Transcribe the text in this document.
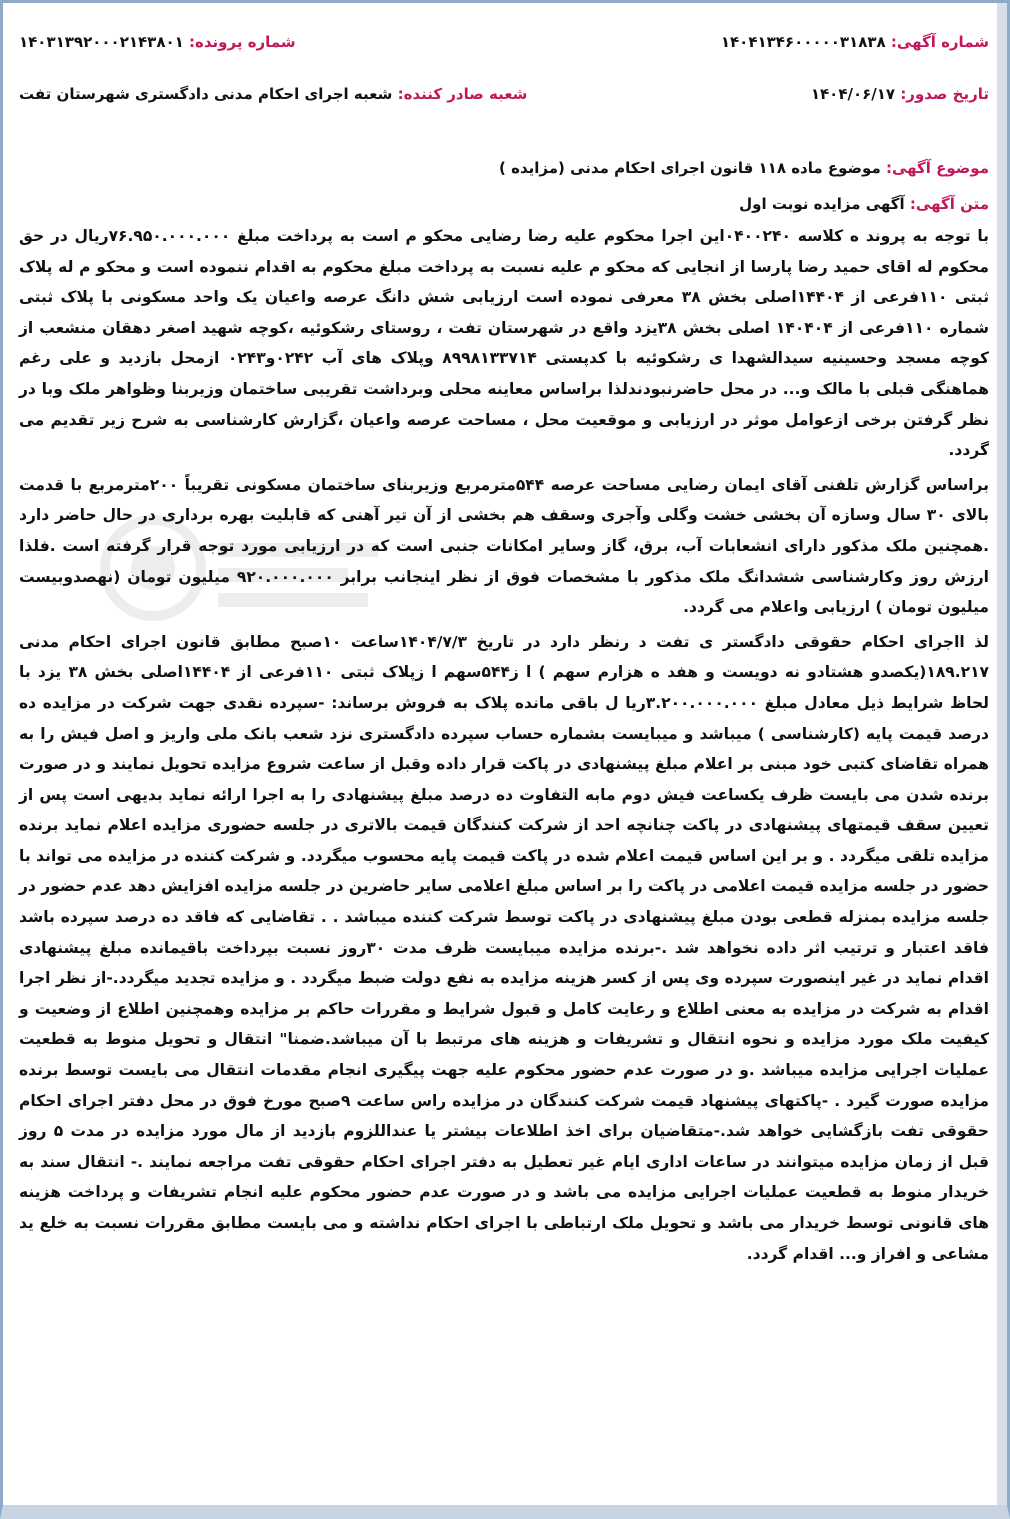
شماره آگهی: ۱۴۰۴۱۳۴۶۰۰۰۰۰۳۱۸۳۸
شماره پرونده: ۱۴۰۳۱۳۹۲۰۰۰۲۱۴۳۸۰۱
تاریخ صدور: ۱۴۰۴/۰۶/۱۷
شعبه صادر کننده: شعبه اجرای احکام مدنی دادگستری شهرستان تفت
موضوع آگهی: موضوع ماده ۱۱۸ قانون اجرای احکام مدنی (مزایده )
متن آگهی: آگهی مزایده نوبت اول

با توجه به پروند ه کلاسه ۰۴۰۰۲۴۰این اجرا محکوم علیه رضا رضایی محکو م است به پرداخت مبلغ ۷۶.۹۵۰.۰۰۰.۰۰۰ریال در حق محکوم له اقای حمید رضا پارسا از انجایی که محکو م علیه نسبت به پرداخت مبلغ محکوم به اقدام ننموده است و محکو م له پلاک ثبتی ۱۱۰فرعی از ۱۴۴۰۴اصلی بخش ۳۸ معرفی نموده است ارزیابی شش دانگ عرصه واعیان یک واحد مسکونی با پلاک ثبتی شماره ۱۱۰فرعی از ۱۴۰۴۰۴ اصلی بخش ۳۸یزد واقع در شهرستان تفت ، روستای رشکوئیه ،کوچه شهید اصغر دهقان منشعب از کوچه مسجد وحسینیه سیدالشهدا ی رشکوئیه با کدپستی ۸۹۹۸۱۳۳۷۱۴ وپلاک های آب ۰۲۴۲و۰۲۴۳ ازمحل بازدید و علی رغم هماهنگی قبلی با مالک و... در محل حاضرنبودندلذا براساس معاینه محلی وبرداشت تقریبی ساختمان وزیربنا وظواهر ملک وبا در نظر گرفتن برخی ازعوامل موثر در ارزیابی و موقعیت محل ، مساحت عرصه واعیان ،گزارش کارشناسی به شرح زیر تقدیم می گردد.

براساس گزارش تلفنی آقای ایمان رضایی مساحت عرصه ۵۴۴مترمربع وزیربنای ساختمان مسکونی تقریباً ۲۰۰مترمربع با قدمت بالای ۳۰ سال وسازه آن بخشی خشت وگلی وآجری وسقف هم بخشی از آن تیر آهنی که قابلیت بهره برداری در حال حاضر دارد .همچنین ملک مذکور دارای انشعابات آب، برق، گاز وسایر امکانات جنبی است که در ارزیابی مورد توجه قرار گرفته است .فلذا ارزش روز وکارشناسی ششدانگ ملک مذکور با مشخصات فوق از نظر اینجانب برابر ۹۲۰.۰۰۰.۰۰۰ میلیون تومان (نهصدوبیست میلیون تومان ) ارزیابی واعلام می گردد.

لذ ااجرای احکام حقوقی دادگستر ی تفت د رنظر دارد در تاریخ ۱۴۰۴/۷/۳ساعت ۱۰صبح مطابق قانون اجرای احکام مدنی ۱۸۹.۲۱۷(یکصدو هشتادو نه دویست و هفد ه هزارم سهم ) ا ز۵۴۴سهم ا زپلاک ثبتی ۱۱۰فرعی از ۱۴۴۰۴اصلی بخش ۳۸ یزد با لحاظ شرایط ذیل معادل مبلغ ۳.۲۰۰.۰۰۰.۰۰۰ریا ل باقی مانده پلاک به فروش برساند: -سپرده نقدی جهت شرکت در مزایده ده درصد قیمت پایه (کارشناسی ) میباشد و میبایست بشماره حساب سپرده دادگستری نزد شعب بانک ملی واریز و اصل فیش را به همراه تقاضای کتبی خود مبنی بر اعلام مبلغ پیشنهادی در پاکت قرار داده وقبل از ساعت شروع مزایده تحویل نمایند و در صورت برنده شدن می بایست ظرف یکساعت فیش دوم مابه التفاوت ده درصد مبلغ پیشنهادی را به اجرا ارائه نماید بدیهی است پس از تعیین سقف قیمتهای پیشنهادی در پاکت چنانچه احد از شرکت کنندگان قیمت بالاتری در جلسه حضوری مزایده اعلام نماید برنده مزایده تلقی میگردد . و بر این اساس قیمت اعلام شده در پاکت قیمت پایه محسوب میگردد. و شرکت کننده در مزایده می تواند با حضور در جلسه مزایده قیمت اعلامی در پاکت را بر اساس مبلغ اعلامی سایر حاضرین در جلسه مزایده افزایش دهد عدم حضور در جلسه مزایده بمنزله قطعی بودن مبلغ پیشنهادی در پاکت توسط شرکت کننده میباشد . . تقاضایی که فاقد ده درصد سپرده باشد فاقد اعتبار و ترتیب اثر داده نخواهد شد .-برنده مزایده میبایست ظرف مدت ۳۰روز نسبت بپرداخت باقیمانده مبلغ پیشنهادی اقدام نماید در غیر اینصورت سپرده وی پس از کسر هزینه مزایده به نفع دولت ضبط میگردد . و مزایده تجدید میگردد.-از نظر اجرا اقدام به شرکت در مزایده به معنی اطلاع و رعایت کامل و قبول شرایط و مقررات حاکم بر مزایده وهمچنین اطلاع از وضعیت و کیفیت ملک مورد مزایده و نحوه انتقال و تشریفات و هزینه های مرتبط با آن میباشد.ضمنا" انتقال و تحویل منوط به قطعیت عملیات اجرایی مزایده میباشد .و در صورت عدم حضور محکوم علیه جهت پیگیری انجام مقدمات انتقال می بایست توسط برنده مزایده صورت گیرد . -پاکتهای پیشنهاد قیمت شرکت کنندگان در مزایده راس ساعت ۹صبح مورخ فوق در محل دفتر اجرای احکام حقوقی تفت بازگشایی خواهد شد.-متقاضیان برای اخذ اطلاعات بیشتر یا عنداللزوم بازدید از مال مورد مزایده در مدت ۵ روز قبل از زمان مزایده میتوانند در ساعات اداری ایام غیر تعطیل به دفتر اجرای احکام حقوقی تفت مراجعه نمایند .- انتقال سند به خریدار منوط به قطعیت عملیات اجرایی مزایده می باشد و در صورت عدم حضور محکوم علیه انجام تشریفات و پرداخت هزینه های قانونی توسط خریدار می باشد و تحویل ملک ارتباطی با اجرای احکام نداشته و می بایست مطابق مقررات نسبت به خلع ید مشاعی و افراز و... اقدام گردد.
